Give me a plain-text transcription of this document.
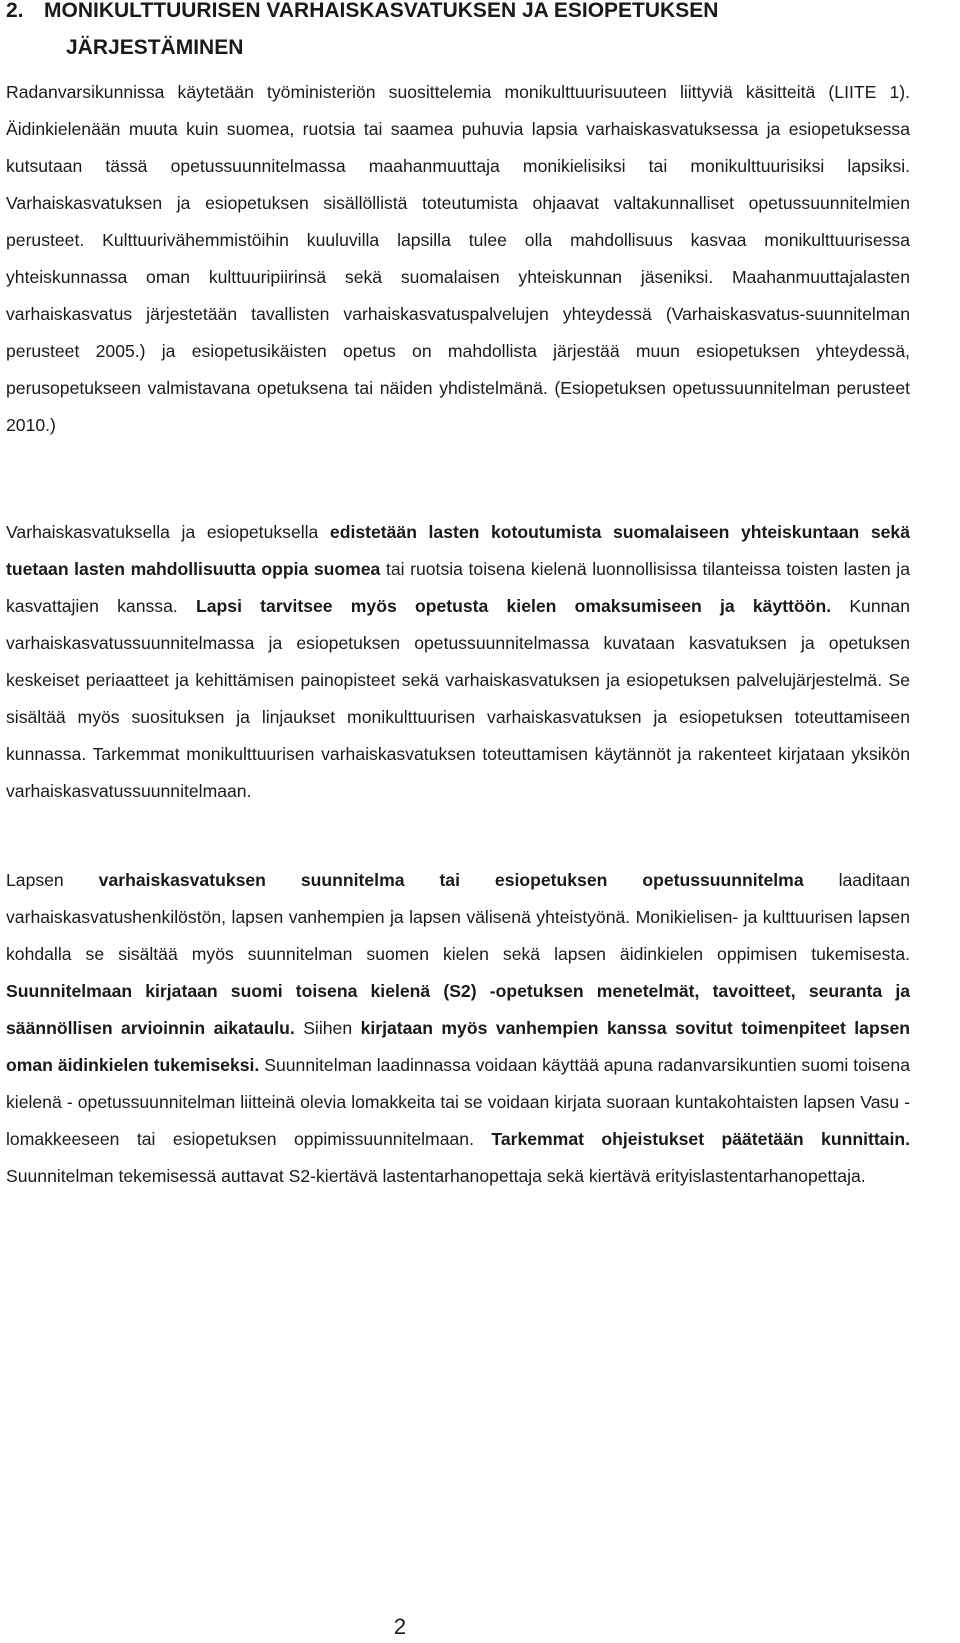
2. MONIKULTTUURISEN VARHAISKASVATUKSEN JA ESIOPETUKSEN
JÄRJESTÄMINEN

Radanvarsikunnissa käytetään työministeriön suosittelemia monikulttuurisuuteen liittyviä käsitteitä (LIITE 1). Äidinkielenään muuta kuin suomea, ruotsia tai saamea puhuvia lapsia varhaiskasvatuksessa ja esiopetuksessa kutsutaan tässä opetussuunnitelmassa maahanmuuttaja monikielisiksi tai monikulttuurisiksi lapsiksi. Varhaiskasvatuksen ja esiopetuksen sisällöllistä toteutumista ohjaavat valtakunnalliset opetussuunnitelmien perusteet. Kulttuurivähemmistöihin kuuluvilla lapsilla tulee olla mahdollisuus kasvaa monikulttuurisessa yhteiskunnassa oman kulttuuripiirinsä sekä suomalaisen yhteiskunnan jäseniksi. Maahanmuuttajalasten varhaiskasvatus järjestetään tavallisten varhaiskasvatuspalvelujen yhteydessä (Varhaiskasvatus-suunnitelman perusteet 2005.) ja esiopetusikäisten opetus on mahdollista järjestää muun esiopetuksen yhteydessä, perusopetukseen valmistavana opetuksena tai näiden yhdistelmänä. (Esiopetuksen opetussuunnitelman perusteet 2010.)

Varhaiskasvatuksella ja esiopetuksella edistetään lasten kotoutumista suomalaiseen yhteiskuntaan sekä tuetaan lasten mahdollisuutta oppia suomea tai ruotsia toisena kielenä luonnollisissa tilanteissa toisten lasten ja kasvattajien kanssa. Lapsi tarvitsee myös opetusta kielen omaksumiseen ja käyttöön. Kunnan varhaiskasvatussuunnitelmassa ja esiopetuksen opetussuunnitelmassa kuvataan kasvatuksen ja opetuksen keskeiset periaatteet ja kehittämisen painopisteet sekä varhaiskasvatuksen ja esiopetuksen palvelujärjestelmä. Se sisältää myös suosituksen ja linjaukset monikulttuurisen varhaiskasvatuksen ja esiopetuksen toteuttamiseen kunnassa. Tarkemmat monikulttuurisen varhaiskasvatuksen toteuttamisen käytännöt ja rakenteet kirjataan yksikön varhaiskasvatussuunnitelmaan.

Lapsen varhaiskasvatuksen suunnitelma tai esiopetuksen opetussuunnitelma laaditaan varhaiskasvatushenkilöstön, lapsen vanhempien ja lapsen välisenä yhteistyönä. Monikielisen- ja kulttuurisen lapsen kohdalla se sisältää myös suunnitelman suomen kielen sekä lapsen äidinkielen oppimisen tukemisesta. Suunnitelmaan kirjataan suomi toisena kielenä (S2) -opetuksen menetelmät, tavoitteet, seuranta ja säännöllisen arvioinnin aikataulu. Siihen kirjataan myös vanhempien kanssa sovitut toimenpiteet lapsen oman äidinkielen tukemiseksi. Suunnitelman laadinnassa voidaan käyttää apuna radanvarsikuntien suomi toisena kielenä - opetussuunnitelman liitteinä olevia lomakkeita tai se voidaan kirjata suoraan kuntakohtaisten lapsen Vasu -lomakkeeseen tai esiopetuksen oppimissuunnitelmaan. Tarkemmat ohjeistukset päätetään kunnittain. Suunnitelman tekemisessä auttavat S2-kiertävä lastentarhanopettaja sekä kiertävä erityislastentarhanopettaja.

2
